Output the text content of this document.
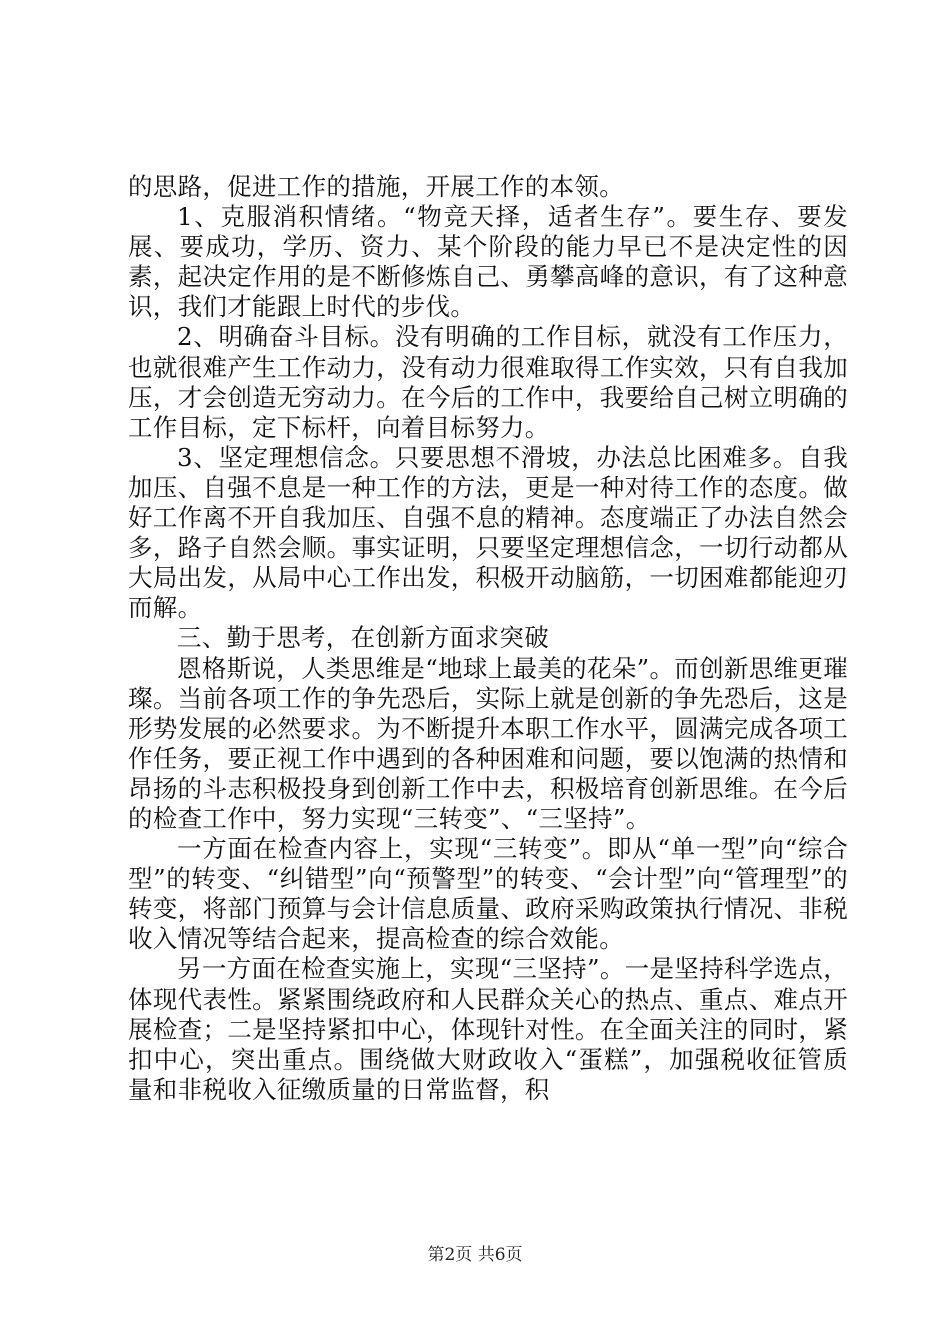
的思路，促进工作的措施，开展工作的本领。

1、克服消积情绪。“物竞天择，适者生存”。要生存、要发展、要成功，学历、资力、某个阶段的能力早已不是决定性的因素，起决定作用的是不断修炼自己、勇攀高峰的意识，有了这种意识，我们才能跟上时代的步伐。

2、明确奋斗目标。没有明确的工作目标，就没有工作压力，也就很难产生工作动力，没有动力很难取得工作实效，只有自我加压，才会创造无穷动力。在今后的工作中，我要给自己树立明确的工作目标，定下标杆，向着目标努力。

3、坚定理想信念。只要思想不滑坡，办法总比困难多。自我加压、自强不息是一种工作的方法，更是一种对待工作的态度。做好工作离不开自我加压、自强不息的精神。态度端正了办法自然会多，路子自然会顺。事实证明，只要坚定理想信念，一切行动都从大局出发，从局中心工作出发，积极开动脑筋，一切困难都能迎刃而解。

三、勤于思考，在创新方面求突破

恩格斯说，人类思维是“地球上最美的花朵”。而创新思维更璀璨。当前各项工作的争先恐后，实际上就是创新的争先恐后，这是形势发展的必然要求。为不断提升本职工作水平，圆满完成各项工作任务，要正视工作中遇到的各种困难和问题，要以饱满的热情和昂扬的斗志积极投身到创新工作中去，积极培育创新思维。在今后的检查工作中，努力实现“三转变”、“三坚持”。

一方面在检查内容上，实现“三转变”。即从“单一型”向“综合型”的转变、“纠错型”向“预警型”的转变、“会计型”向“管理型”的转变，将部门预算与会计信息质量、政府采购政策执行情况、非税收入情况等结合起来，提高检查的综合效能。

另一方面在检查实施上，实现“三坚持”。一是坚持科学选点，体现代表性。紧紧围绕政府和人民群众关心的热点、重点、难点开展检查；二是坚持紧扣中心，体现针对性。在全面关注的同时，紧扣中心，突出重点。围绕做大财政收入“蛋糕”，加强税收征管质量和非税收入征缴质量的日常监督，积

第2页 共6页
